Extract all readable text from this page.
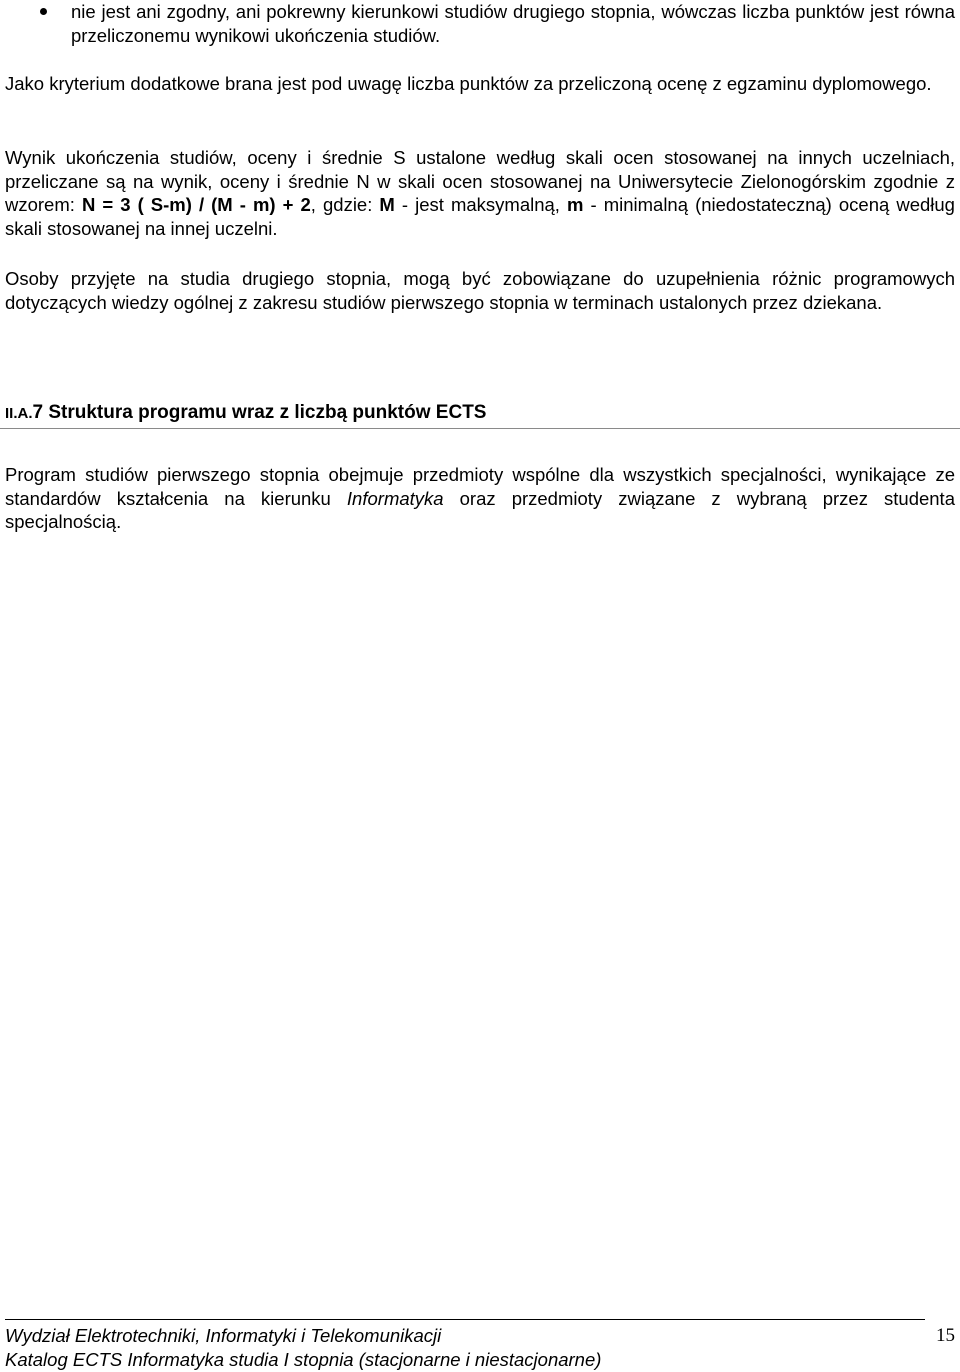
nie jest ani zgodny, ani pokrewny kierunkowi studiów drugiego stopnia, wówczas liczba punktów jest równa przeliczonemu wynikowi ukończenia studiów.

Jako kryterium dodatkowe brana jest pod uwagę liczba punktów za przeliczoną ocenę z egzaminu dyplomowego.

Wynik ukończenia studiów, oceny i średnie S ustalone według skali ocen stosowanej na innych uczelniach, przeliczane są na wynik, oceny i średnie N w skali ocen stosowanej na Uniwersytecie Zielonogórskim zgodnie z wzorem: N = 3 ( S-m) / (M - m) + 2, gdzie: M - jest maksymalną, m - minimalną (niedostateczną) oceną według skali stosowanej na innej uczelni.

Osoby przyjęte na studia drugiego stopnia, mogą być zobowiązane do uzupełnienia różnic programowych dotyczących wiedzy ogólnej z zakresu studiów pierwszego stopnia w terminach ustalonych przez dziekana.

II.A.7 Struktura programu wraz z liczbą punktów ECTS

Program studiów pierwszego stopnia obejmuje przedmioty wspólne dla wszystkich specjalności, wynikające ze standardów kształcenia na kierunku Informatyka oraz przedmioty związane z wybraną przez studenta specjalnością.

Wydział Elektrotechniki, Informatyki i Telekomunikacji
Katalog ECTS Informatyka studia I stopnia (stacjonarne i niestacjonarne)
15
